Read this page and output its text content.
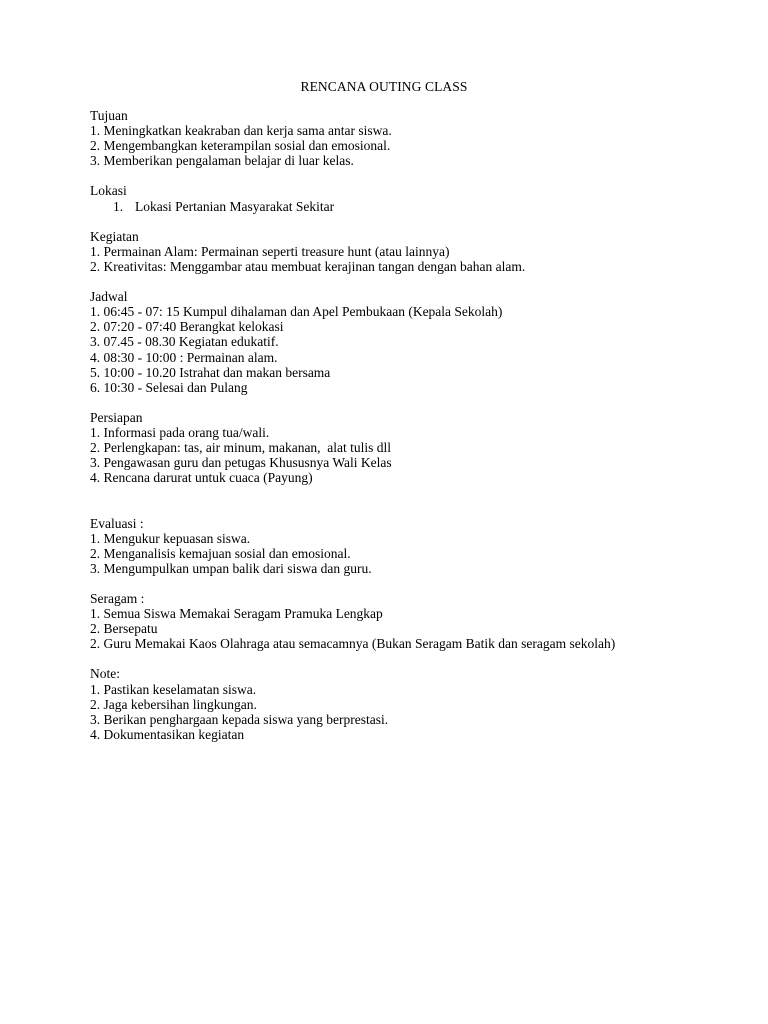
RENCANA OUTING CLASS
Tujuan
1. Meningkatkan keakraban dan kerja sama antar siswa.
2. Mengembangkan keterampilan sosial dan emosional.
3. Memberikan pengalaman belajar di luar kelas.
Lokasi
1. Lokasi Pertanian Masyarakat Sekitar
Kegiatan
1. Permainan Alam: Permainan seperti treasure hunt (atau lainnya)
2. Kreativitas: Menggambar atau membuat kerajinan tangan dengan bahan alam.
Jadwal
1. 06:45 - 07: 15 Kumpul dihalaman dan Apel Pembukaan (Kepala Sekolah)
2. 07:20 - 07:40 Berangkat kelokasi
3. 07.45 - 08.30 Kegiatan edukatif.
4. 08:30 - 10:00 : Permainan alam.
5. 10:00 - 10.20 Istrahat dan makan bersama
6. 10:30 - Selesai dan Pulang
Persiapan
1. Informasi pada orang tua/wali.
2. Perlengkapan: tas, air minum, makanan,  alat tulis dll
3. Pengawasan guru dan petugas Khususnya Wali Kelas
4. Rencana darurat untuk cuaca (Payung)
Evaluasi :
1. Mengukur kepuasan siswa.
2. Menganalisis kemajuan sosial dan emosional.
3. Mengumpulkan umpan balik dari siswa dan guru.
Seragam :
1. Semua Siswa Memakai Seragam Pramuka Lengkap
2. Bersepatu
2. Guru Memakai Kaos Olahraga atau semacamnya (Bukan Seragam Batik dan seragam sekolah)
Note:
1. Pastikan keselamatan siswa.
2. Jaga kebersihan lingkungan.
3. Berikan penghargaan kepada siswa yang berprestasi.
4. Dokumentasikan kegiatan
